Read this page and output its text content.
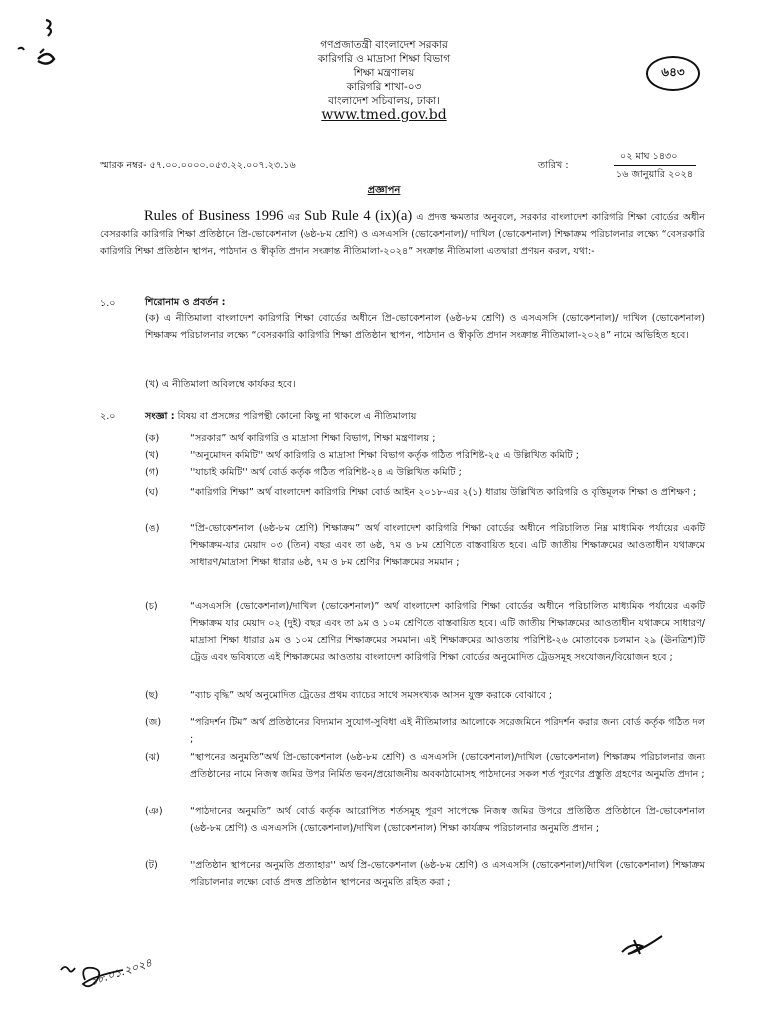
গণপ্রজাতন্ত্রী বাংলাদেশ সরকার
কারিগরি ও মাদ্রাসা শিক্ষা বিভাগ
শিক্ষা মন্ত্রণালয়
কারিগরি শাখা-০৩
বাংলাদেশ সচিবালয়, ঢাকা।
www.tmed.gov.bd
৬৪৩
স্মারক নম্বর- ৫৭.০০.০০০০.০৫৩.২২.০০৭.২৩.১৬	তারিখ :
০২ মাঘ ১৪৩০
১৬ জানুয়ারি ২০২৪
প্রজ্ঞাপন
Rules of Business 1996 এর Sub Rule 4 (ix)(a) এ প্রদত্ত ক্ষমতার অনুবলে, সরকার বাংলাদেশ কারিগরি শিক্ষা বোর্ডের অধীন বেসরকারি কারিগরি শিক্ষা প্রতিষ্ঠানে প্রি-ভোকেশনাল (৬ষ্ঠ-৮ম শ্রেণি) ও এসএসসি (ভোকেশনাল)/ দাখিল (ভোকেশনাল) শিক্ষাক্রম পরিচালনার লক্ষ্যে “বেসরকারি কারিগরি শিক্ষা প্রতিষ্ঠান স্থাপন, পাঠদান ও স্বীকৃতি প্রদান সংক্রান্ত নীতিমালা-২০২৪” সংক্রান্ত নীতিমালা এতদ্বারা প্রণয়ন করল, যথা:-
১.০	শিরোনাম ও প্রবর্তন :
(ক) এ নীতিমালা বাংলাদেশ কারিগরি শিক্ষা বোর্ডের অধীনে প্রি-ভোকেশনাল (৬ষ্ঠ-৮ম শ্রেণি) ও এসএসসি (ভোকেশনাল)/ দাখিল (ভোকেশনাল) শিক্ষাক্রম পরিচালনার লক্ষ্যে “বেসরকারি কারিগরি শিক্ষা প্রতিষ্ঠান স্থাপন, পাঠদান ও স্বীকৃতি প্রদান সংক্রান্ত নীতিমালা-২০২৪” নামে অভিহিত হবে।
(খ) এ নীতিমালা অবিলম্বে কার্যকর হবে।
২.০	সংজ্ঞা : বিষয় বা প্রসঙ্গের পরিপন্থী কোনো কিছু না থাকলে এ নীতিমালায়
(ক)	“সরকার” অর্থ কারিগরি ও মাদ্রাসা শিক্ষা বিভাগ, শিক্ষা মন্ত্রণালয় ;
(খ)	''অনুমোদন কমিটি'' অর্থ কারিগরি ও মাদ্রাসা শিক্ষা বিভাগ কর্তৃক গঠিত পরিশিষ্ট-২৫ এ উল্লিখিত কমিটি ;
(গ)	''যাচাই কমিটি'' অর্থ বোর্ড কর্তৃক গঠিত পরিশিষ্ট-২৪ এ উল্লিখিত কমিটি ;
(ঘ)	“কারিগরি শিক্ষা” অর্থ বাংলাদেশ কারিগরি শিক্ষা বোর্ড আইন ২০১৮-এর ২(১) ধারায় উল্লিখিত কারিগরি ও বৃত্তিমূলক শিক্ষা ও প্রশিক্ষণ ;
(ঙ)	“প্রি-ভোকেশনাল (৬ষ্ঠ-৮ম শ্রেণি) শিক্ষাক্রম” অর্থ বাংলাদেশ কারিগরি শিক্ষা বোর্ডের অধীনে পরিচালিত নিম্ন মাধ্যমিক পর্যায়ের একটি শিক্ষাক্রম-যার মেয়াদ ০৩ (তিন) বছর এবং তা ৬ষ্ঠ, ৭ম ও ৮ম শ্রেণিতে বাস্তবায়িত হবে। এটি জাতীয় শিক্ষাক্রমের আওতাধীন যথাক্রমে সাধারণ/মাদ্রাসা শিক্ষা ধারার ৬ষ্ঠ, ৭ম ও ৮ম শ্রেণির শিক্ষাক্রমের সমমান ;
(চ)	“এসএসসি (ভোকেশনাল)/দাখিল (ভোকেশনাল)” অর্থ বাংলাদেশ কারিগরি শিক্ষা বোর্ডের অধীনে পরিচালিত মাধ্যমিক পর্যায়ের একটি শিক্ষাক্রম যার মেয়াদ ০২ (দুই) বছর এবং তা ৯ম ও ১০ম শ্রেণিতে বাস্তবায়িত হবে। এটি জাতীয় শিক্ষাক্রমের আওতাধীন যথাক্রমে সাধারণ/মাদ্রাসা শিক্ষা ধারার ৯ম ও ১০ম শ্রেণির শিক্ষাক্রমের সমমান। এই শিক্ষাক্রমের আওতায় পরিশিষ্ট-২৬ মোতাবেক চলমান ২৯ (ঊনত্রিশ)টি ট্রেড এবং ভবিষ্যতে এই শিক্ষাক্রমের আওতায় বাংলাদেশ কারিগরি শিক্ষা বোর্ডের অনুমোদিত ট্রেডসমূহ সংযোজন/বিয়োজন হবে ;
(ছ)	“ব্যাচ বৃদ্ধি” অর্থ অনুমোদিত ট্রেডের প্রথম ব্যাচের সাথে সমসংখ্যক আসন যুক্ত করাকে বোঝাবে ;
(জ)	“পরিদর্শন টিম” অর্থ প্রতিষ্ঠানের বিদ্যমান সুযোগ-সুবিধা এই নীতিমালার আলোকে সরেজমিনে পরিদর্শন করার জন্য বোর্ড কর্তৃক গঠিত দল ;
(ঝ)	“স্থাপনের অনুমতি”অর্থ প্রি-ভোকেশনাল (৬ষ্ঠ-৮ম শ্রেণি) ও এসএসসি (ভোকেশনাল)/দাখিল (ভোকেশনাল) শিক্ষাক্রম পরিচালনার জন্য প্রতিষ্ঠানের নামে নিজস্ব জমির উপর নির্মিত ভবন/প্রয়োজনীয় অবকাঠামোসহ পাঠদানের সকল শর্ত পূরণের প্রস্তুতি গ্রহণের অনুমতি প্রদান ;
(ঞ)	“পাঠদানের অনুমতি” অর্থ বোর্ড কর্তৃক আরোপিত শর্তসমূহ পূরণ সাপেক্ষে নিজস্ব জমির উপরে প্রতিষ্ঠিত প্রতিষ্ঠানে প্রি-ভোকেশনাল (৬ষ্ঠ-৮ম শ্রেণি) ও এসএসসি (ভোকেশনাল)/দাখিল (ভোকেশনাল) শিক্ষা কার্যক্রম পরিচালনার অনুমতি প্রদান ;
(ট)	''প্রতিষ্ঠান স্থাপনের অনুমতি প্রত্যাহার'' অর্থ প্রি-ভোকেশনাল (৬ষ্ঠ-৮ম শ্রেণি) ও এসএসসি (ভোকেশনাল)/দাখিল (ভোকেশনাল) শিক্ষাক্রম পরিচালনার লক্ষ্যে বোর্ড প্রদত্ত প্রতিষ্ঠান স্থাপনের অনুমতি রহিত করা ;
১৮.০১.২০২৪
